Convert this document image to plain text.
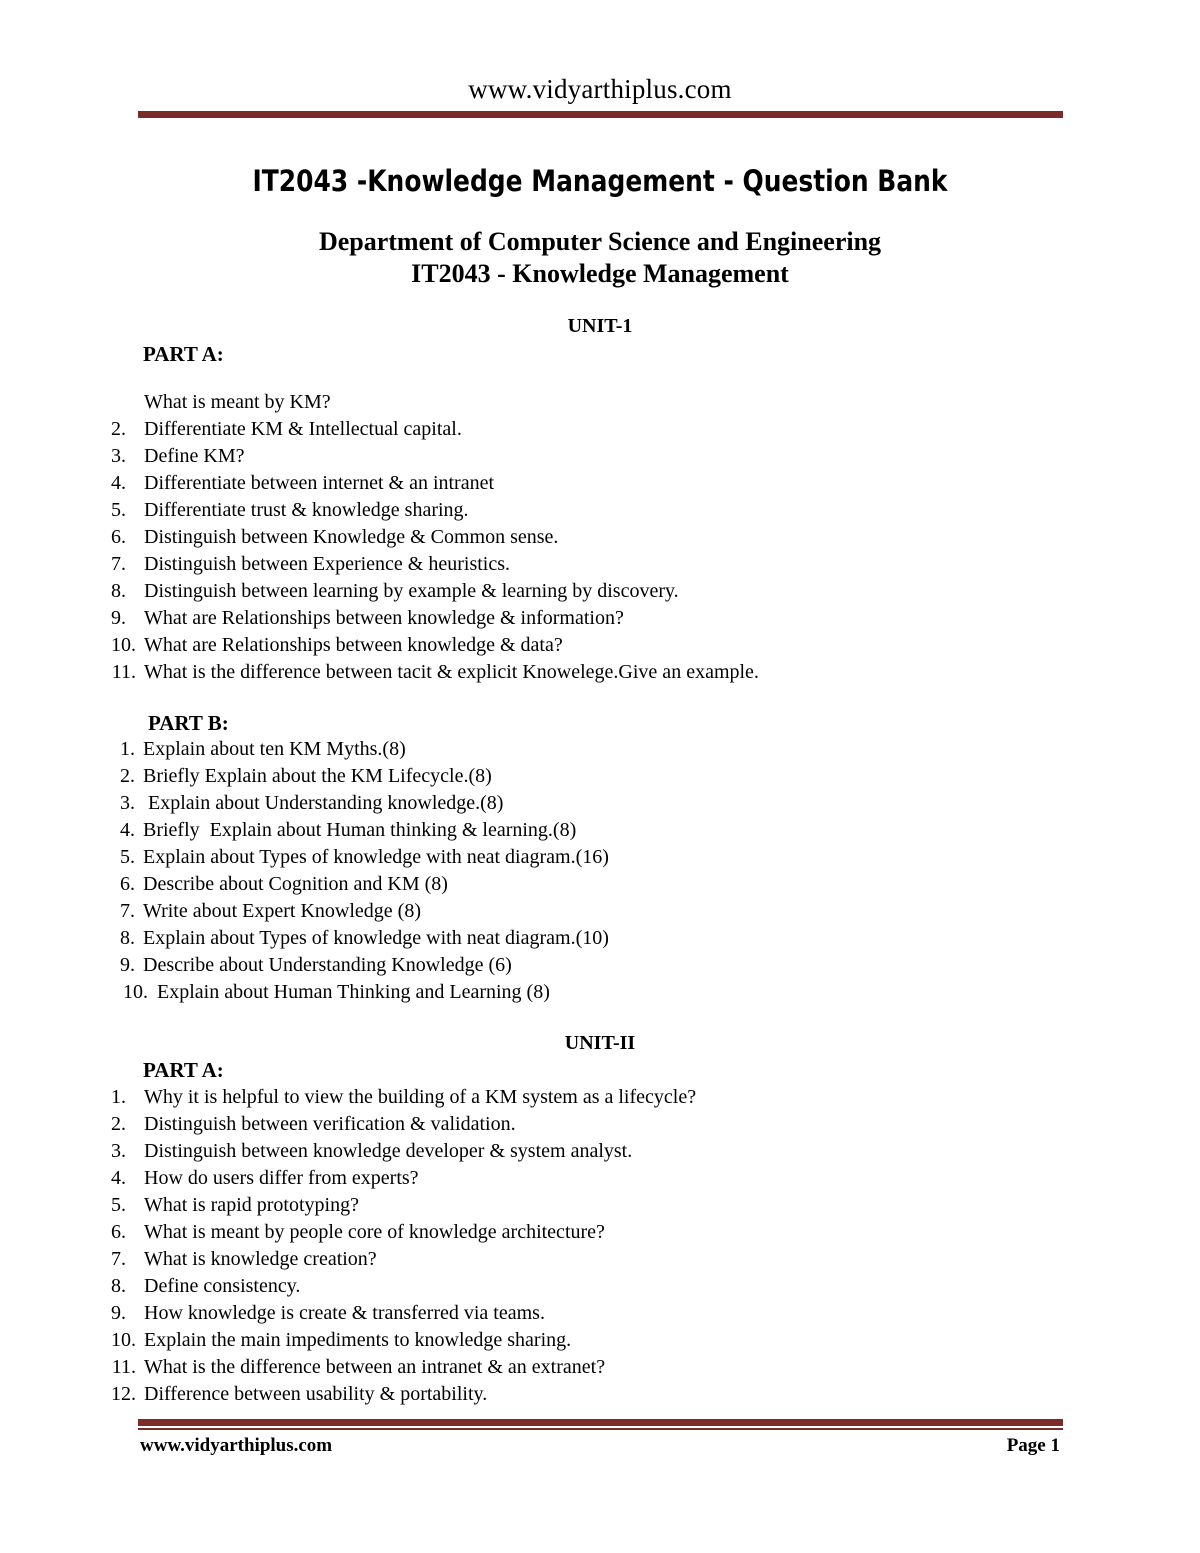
www.vidyarthiplus.com
IT2043 -Knowledge Management - Question Bank
Department of Computer Science and Engineering
IT2043 - Knowledge Management
UNIT-1
PART A:
What is meant by KM?
2. Differentiate KM & Intellectual capital.
3. Define KM?
4. Differentiate between internet & an intranet
5. Differentiate trust & knowledge sharing.
6. Distinguish between Knowledge & Common sense.
7. Distinguish between Experience & heuristics.
8. Distinguish between learning by example & learning by discovery.
9. What are Relationships between knowledge & information?
10. What are Relationships between knowledge & data?
11. What is the difference between tacit & explicit Knowelege.Give an example.
PART B:
1. Explain about ten KM Myths.(8)
2. Briefly Explain about the KM Lifecycle.(8)
3. Explain about Understanding knowledge.(8)
4. Briefly  Explain about Human thinking & learning.(8)
5. Explain about Types of knowledge with neat diagram.(16)
6. Describe about Cognition and KM (8)
7. Write about Expert Knowledge (8)
8. Explain about Types of knowledge with neat diagram.(10)
9. Describe about Understanding Knowledge (6)
10. Explain about Human Thinking and Learning (8)
UNIT-II
PART A:
1. Why it is helpful to view the building of a KM system as a lifecycle?
2. Distinguish between verification & validation.
3. Distinguish between knowledge developer & system analyst.
4. How do users differ from experts?
5. What is rapid prototyping?
6. What is meant by people core of knowledge architecture?
7. What is knowledge creation?
8. Define consistency.
9. How knowledge is create & transferred via teams.
10. Explain the main impediments to knowledge sharing.
11. What is the difference between an intranet & an extranet?
12. Difference between usability & portability.
www.vidyarthiplus.com	Page 1
